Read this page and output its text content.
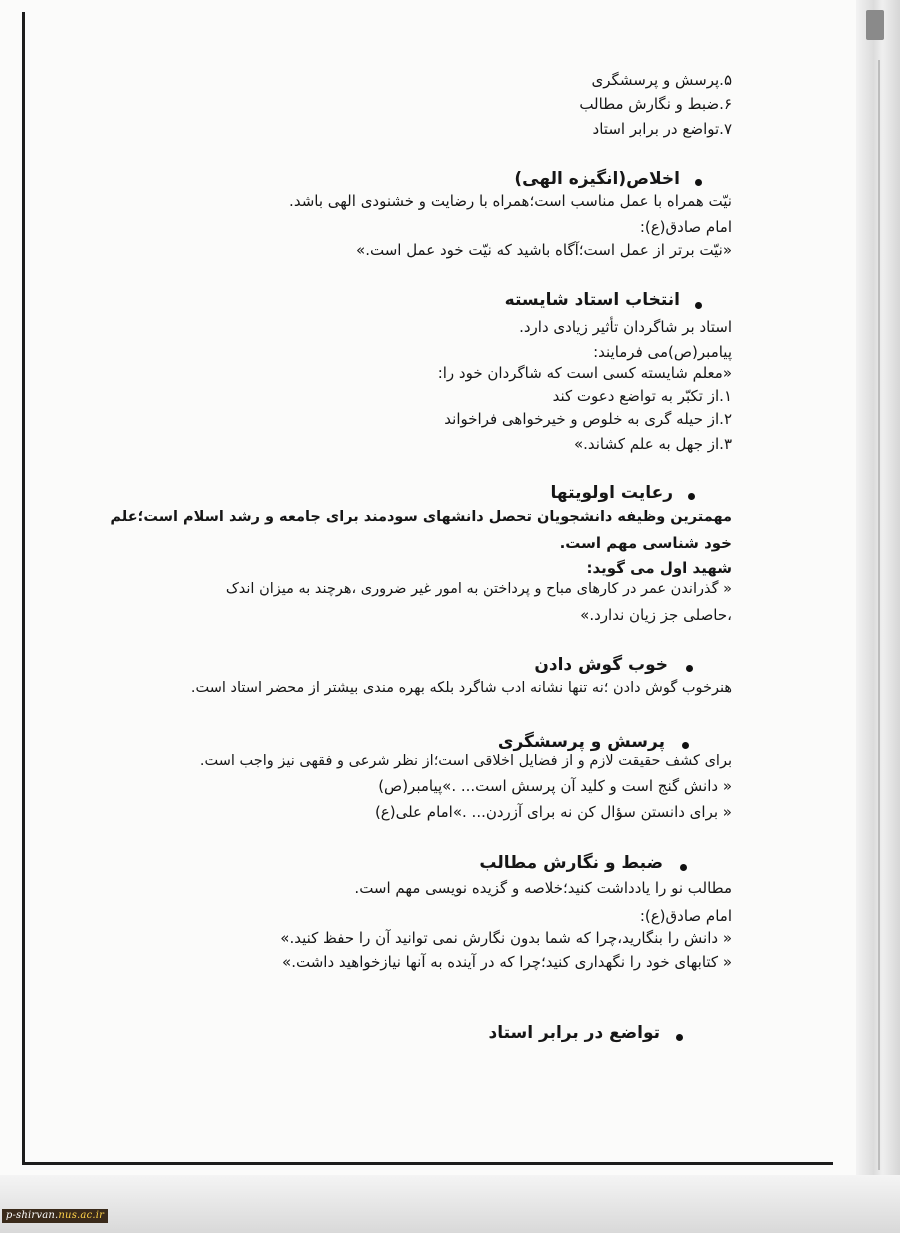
۵.پرسش و پرسشگری
۶.ضبط و نگارش مطالب
۷.تواضع در برابر استاد
اخلاص(انگیزه الهی)
نیّت همراه با عمل مناسب است؛همراه با رضایت و خشنودی الهی باشد.
امام صادق(ع):
«نیّت برتر از عمل است؛آگاه باشید که نیّت خود عمل است.»
انتخاب استاد شایسته
استاد بر شاگردان تأثیر زیادی دارد.
پیامبر(ص)می فرمایند:
«معلم شایسته کسی است که شاگردان خود را:
۱.از تکبّر به تواضع دعوت کند
۲.از حیله گری به خلوص و خیرخواهی فراخواند
۳.از جهل به علم کشاند.»
رعایت اولویتها
مهمترین وظیفه دانشجویان تحصل دانشهای سودمند برای جامعه و رشد اسلام است؛علم
خود شناسی مهم است.
شهید اول می گوید:
« گذراندن عمر در کارهای مباح و پرداختن به امور غیر ضروری ،هرچند به میزان اندک
،حاصلی جز زیان ندارد.»
خوب گوش دادن
هنرخوب گوش دادن ؛نه تنها نشانه ادب شاگرد بلکه بهره مندی بیشتر از محضر استاد است.
پرسش و پرسشگری
برای کشف حقیقت لازم و از فضایل اخلاقی است؛از نظر شرعی و فقهی نیز واجب است.
« دانش گنج است و کلید آن پرسش است... .»پیامبر(ص)
« برای دانستن سؤال کن نه برای آزردن... .»امام علی(ع)
ضبط و نگارش مطالب
مطالب نو را یادداشت کنید؛خلاصه و گزیده نویسی مهم است.
امام صادق(ع):
« دانش را بنگارید،چرا که شما بدون نگارش نمی توانید آن را حفظ کنید.»
« کتابهای خود را نگهداری کنید؛چرا که در آینده به آنها نیازخواهید داشت.»
تواضع در برابر استاد
p-shirvan.nus.ac.ir
